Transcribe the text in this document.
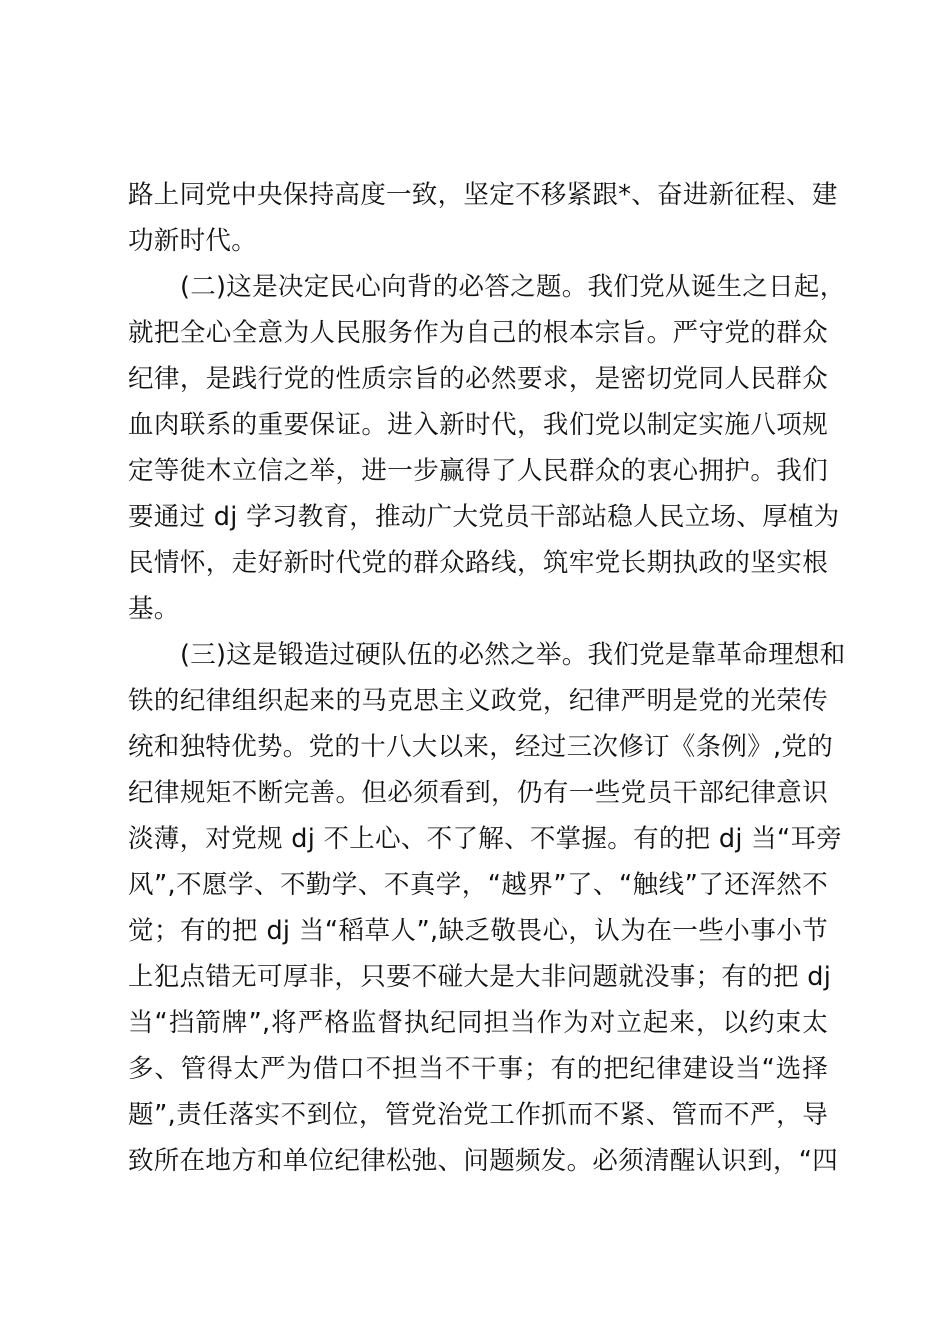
路上同党中央保持高度一致，坚定不移紧跟*、奋进新征程、建
功新时代。
(二)这是决定民心向背的必答之题。我们党从诞生之日起，
就把全心全意为人民服务作为自己的根本宗旨。严守党的群众
纪律，是践行党的性质宗旨的必然要求，是密切党同人民群众
血肉联系的重要保证。进入新时代，我们党以制定实施八项规
定等徙木立信之举，进一步赢得了人民群众的衷心拥护。我们
要通过 dj 学习教育，推动广大党员干部站稳人民立场、厚植为
民情怀，走好新时代党的群众路线，筑牢党长期执政的坚实根
基。
(三)这是锻造过硬队伍的必然之举。我们党是靠革命理想和
铁的纪律组织起来的马克思主义政党，纪律严明是党的光荣传
统和独特优势。党的十八大以来，经过三次修订《条例》,党的
纪律规矩不断完善。但必须看到，仍有一些党员干部纪律意识
淡薄，对党规 dj 不上心、不了解、不掌握。有的把 dj 当“耳旁
风”,不愿学、不勤学、不真学，“越界”了、“触线”了还浑然不
觉；有的把 dj 当“稻草人”,缺乏敬畏心，认为在一些小事小节
上犯点错无可厚非，只要不碰大是大非问题就没事；有的把 dj
当“挡箭牌”,将严格监督执纪同担当作为对立起来，以约束太
多、管得太严为借口不担当不干事；有的把纪律建设当“选择
题”,责任落实不到位，管党治党工作抓而不紧、管而不严，导
致所在地方和单位纪律松弛、问题频发。必须清醒认识到，“四
